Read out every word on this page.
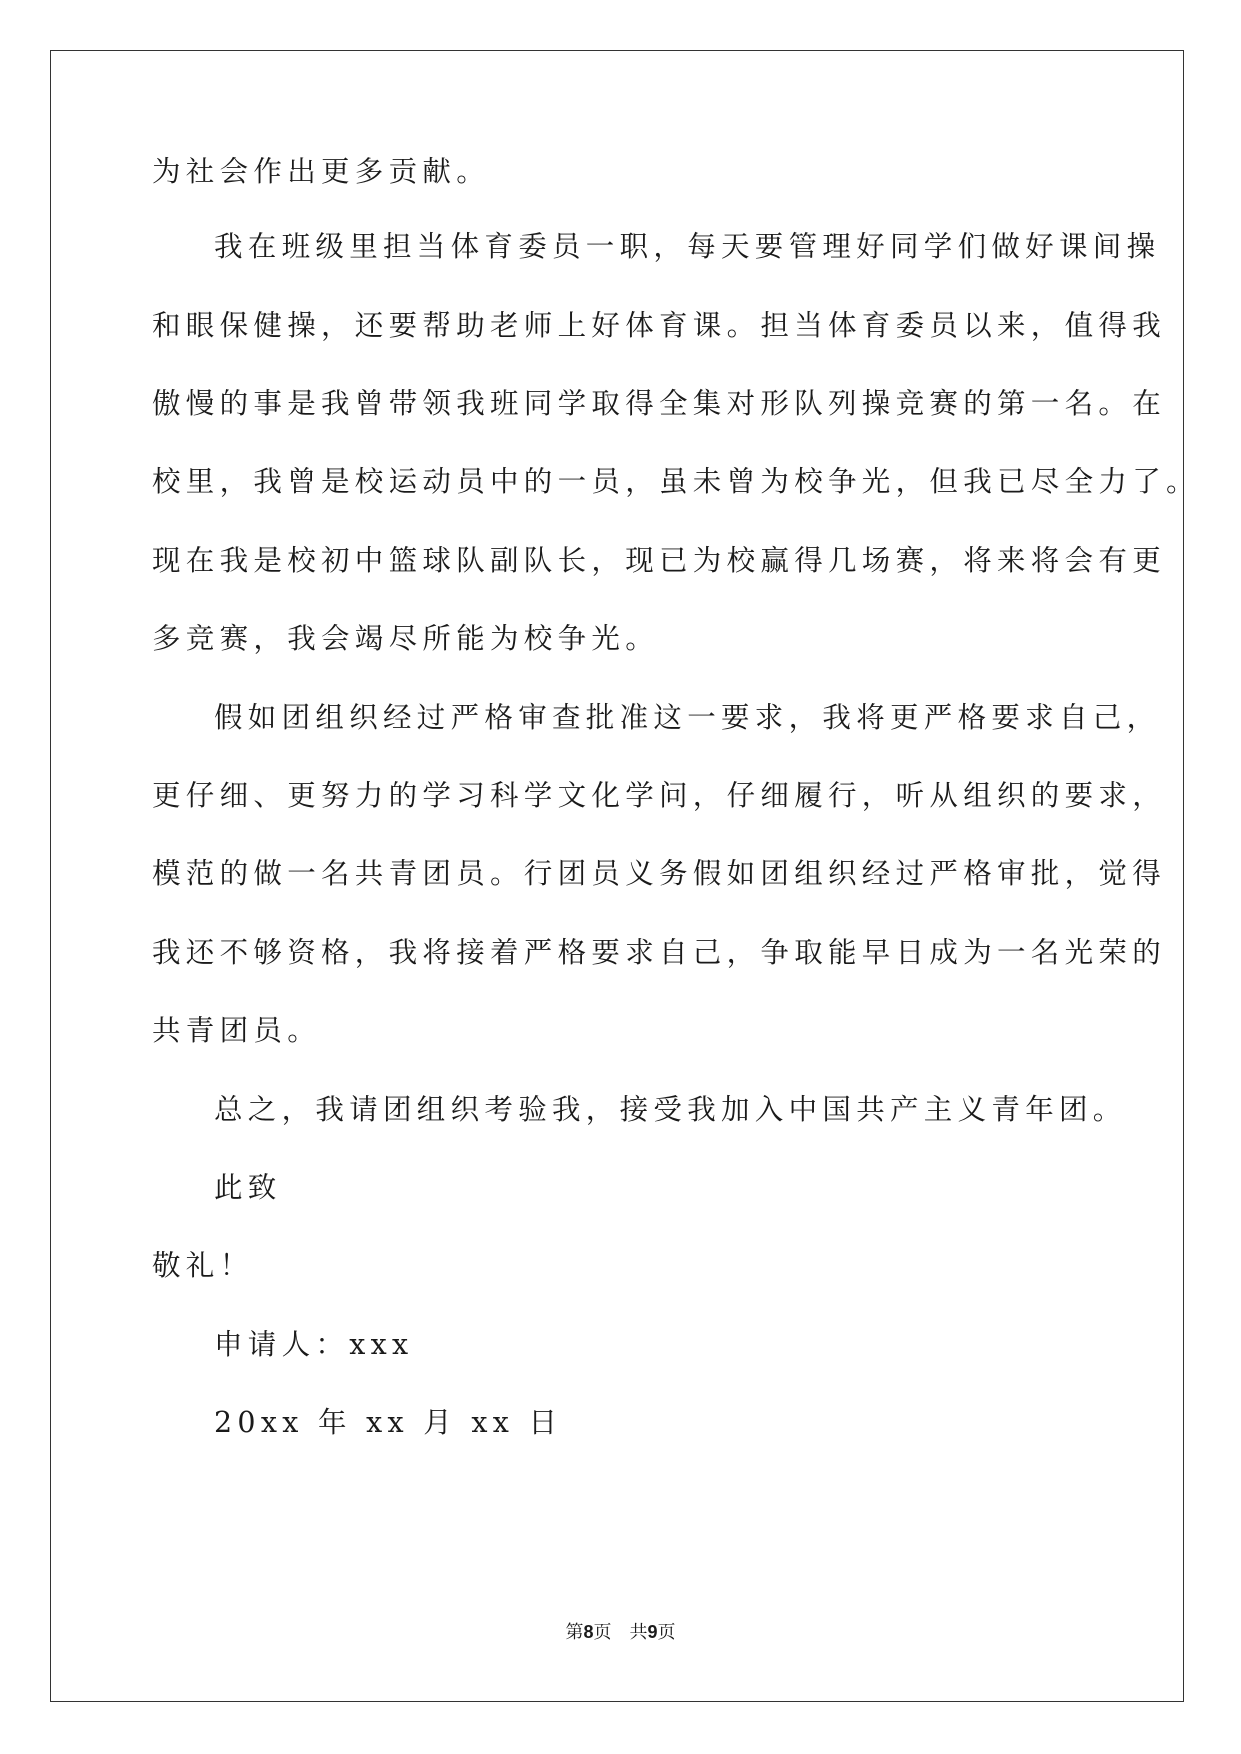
为社会作出更多贡献。
我在班级里担当体育委员一职，每天要管理好同学们做好课间操
和眼保健操，还要帮助老师上好体育课。担当体育委员以来，值得我
傲慢的事是我曾带领我班同学取得全集对形队列操竞赛的第一名。在
校里，我曾是校运动员中的一员，虽未曾为校争光，但我已尽全力了。
现在我是校初中篮球队副队长，现已为校赢得几场赛，将来将会有更
多竞赛，我会竭尽所能为校争光。
假如团组织经过严格审查批准这一要求，我将更严格要求自己，
更仔细、更努力的学习科学文化学问，仔细履行，听从组织的要求，
模范的做一名共青团员。行团员义务假如团组织经过严格审批，觉得
我还不够资格，我将接着严格要求自己，争取能早日成为一名光荣的
共青团员。
总之，我请团组织考验我，接受我加入中国共产主义青年团。
此致
敬礼！
申请人：xxx
20xx 年 xx 月 xx 日
第8页 共9页
